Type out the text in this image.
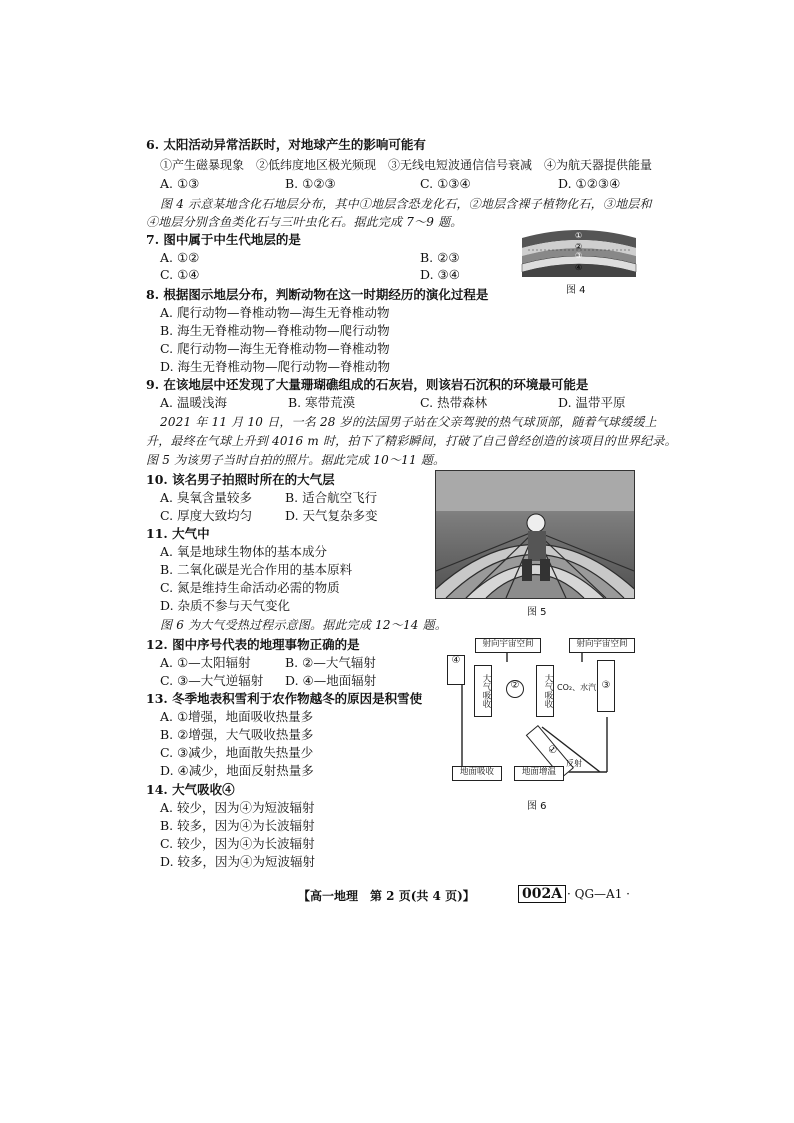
6. 太阳活动异常活跃时，对地球产生的影响可能有
①产生磁暴现象　②低纬度地区极光频现　③无线电短波通信信号衰减　④为航天器提供能量
A. ①③	B. ①②③	C. ①③④	D. ①②③④
图 4 示意某地含化石地层分布，其中①地层含恐龙化石，②地层含裸子植物化石，③地层和
④地层分别含鱼类化石与三叶虫化石。据此完成 7～9 题。
7. 图中属于中生代地层的是
A. ①②	B. ②③
C. ①④	D. ③④
①
②
③
④
图 4
8. 根据图示地层分布，判断动物在这一时期经历的演化过程是
A. 爬行动物—脊椎动物—海生无脊椎动物
B. 海生无脊椎动物—脊椎动物—爬行动物
C. 爬行动物—海生无脊椎动物—脊椎动物
D. 海生无脊椎动物—爬行动物—脊椎动物
9. 在该地层中还发现了大量珊瑚礁组成的石灰岩，则该岩石沉积的环境最可能是
A. 温暖浅海	B. 寒带荒漠	C. 热带森林	D. 温带平原
2021 年 11 月 10 日，一名 28 岁的法国男子站在父亲驾驶的热气球顶部，随着气球缓缓上
升，最终在气球上升到 4016 m 时，拍下了精彩瞬间，打破了自己曾经创造的该项目的世界纪录。
图 5 为该男子当时自拍的照片。据此完成 10～11 题。
10. 该名男子拍照时所在的大气层
A. 臭氧含量较多	B. 适合航空飞行
C. 厚度大致均匀	D. 天气复杂多变
图 5
11. 大气中
A. 氧是地球生物体的基本成分
B. 二氧化碳是光合作用的基本原料
C. 氮是维持生命活动必需的物质
D. 杂质不参与天气变化
图 6 为大气受热过程示意图。据此完成 12～14 题。
12. 图中序号代表的地理事物正确的是
A. ①—太阳辐射	B. ②—大气辐射
C. ③—大气逆辐射 D. ④—地面辐射
13. 冬季地表积雪利于农作物越冬的原因是积雪使
A. ①增强，地面吸收热量多
B. ②增强，大气吸收热量多
C. ③减少，地面散失热量少
D. ④减少，地面反射热量多
14. 大气吸收④
A. 较少，因为④为短波辐射
B. 较多，因为④为长波辐射
C. 较少，因为④为长波辐射
D. 较多，因为④为短波辐射
射向宇宙空间	射向宇宙空间
④
大气吸收	②	大气吸收 CO₂、水汽 ③
①
反射
地面吸收	地面增温
图 6
【高一地理　第 2 页(共 4 页)】	002A · QG—A1 ·
